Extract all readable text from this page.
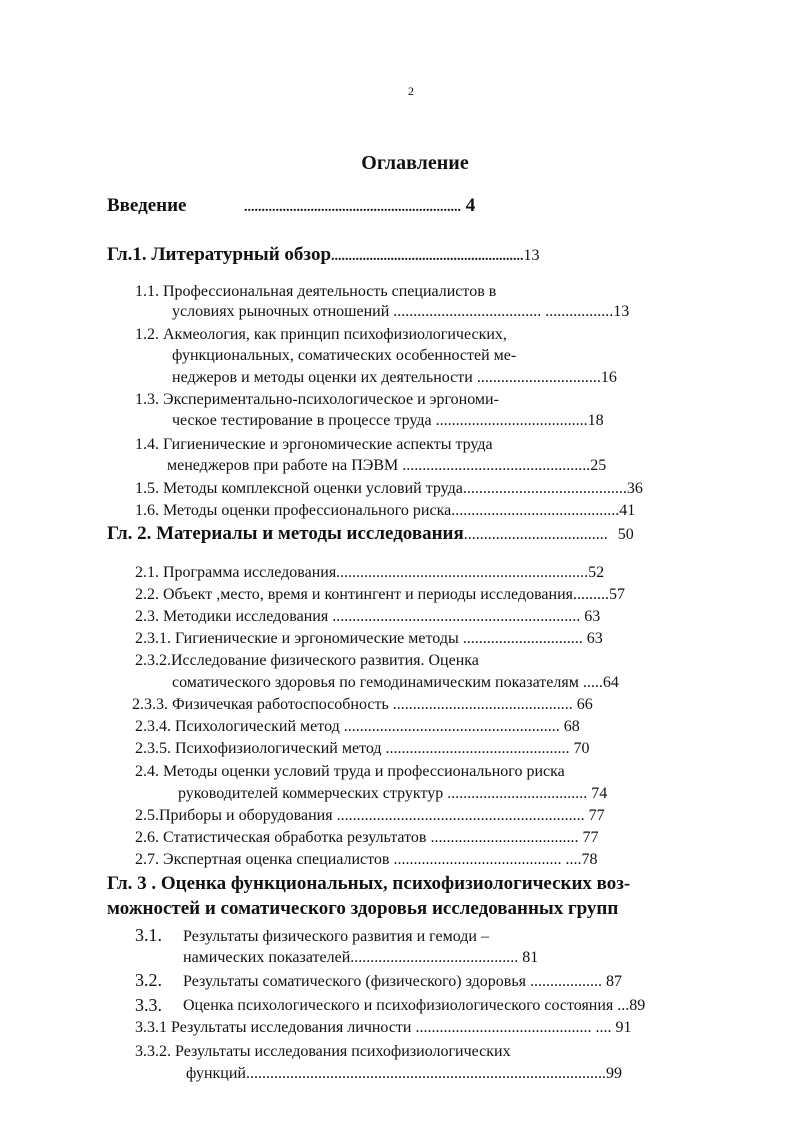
2
Оглавление
Введение	.............................................................. 4
Гл.1. Литературный обзор.......................................................13
1.1. Профессиональная деятельность специалистов в
условиях рыночных отношений ..................................... .................13
1.2. Акмеология, как принцип психофизиологических,
функциональных, соматических особенностей ме-
неджеров и методы оценки их деятельности ...............................16
1.3. Экспериментально-психологическое и эргономи-
ческое тестирование в процессе труда ......................................18
1.4. Гигиенические и эргономические аспекты труда
менеджеров при работе на ПЭВМ ...............................................25
1.5. Методы комплексной оценки условий труда.........................................36
1.6. Методы оценки профессионального риска..........................................41
Гл. 2. Материалы и методы исследования.................................... 50
2.1. Программа исследования...............................................................52
2.2. Объект ,место, время и контингент и периоды исследования.........57
2.3. Методики исследования .............................................................. 63
2.3.1. Гигиенические и эргономические методы .............................. 63
2.3.2.Исследование физического развития. Оценка
соматического здоровья по гемодинамическим показателям .....64
2.3.3. Физичечкая работоспособность ............................................. 66
2.3.4. Психологический метод ...................................................... 68
2.3.5. Психофизиологический метод .............................................. 70
2.4. Методы оценки условий труда и профессионального риска
руководителей коммерческих структур ................................... 74
2.5.Приборы и оборудования .............................................................. 77
2.6. Статистическая обработка результатов ..................................... 77
2.7. Экспертная оценка специалистов .......................................... ....78
Гл. 3 . Оценка функциональных, психофизиологических воз-
можностей и соматического здоровья исследованных групп
3.1. Результаты физического развития и гемоди –
намических показателей.......................................... 81
3.2. Результаты соматического (физического) здоровья .................. 87
3.3. Оценка психологического и психофизиологического состояния ...89
3.3.1 Результаты исследования личности ............................................ .... 91
3.3.2. Результаты исследования психофизиологических
функций..........................................................................................99
